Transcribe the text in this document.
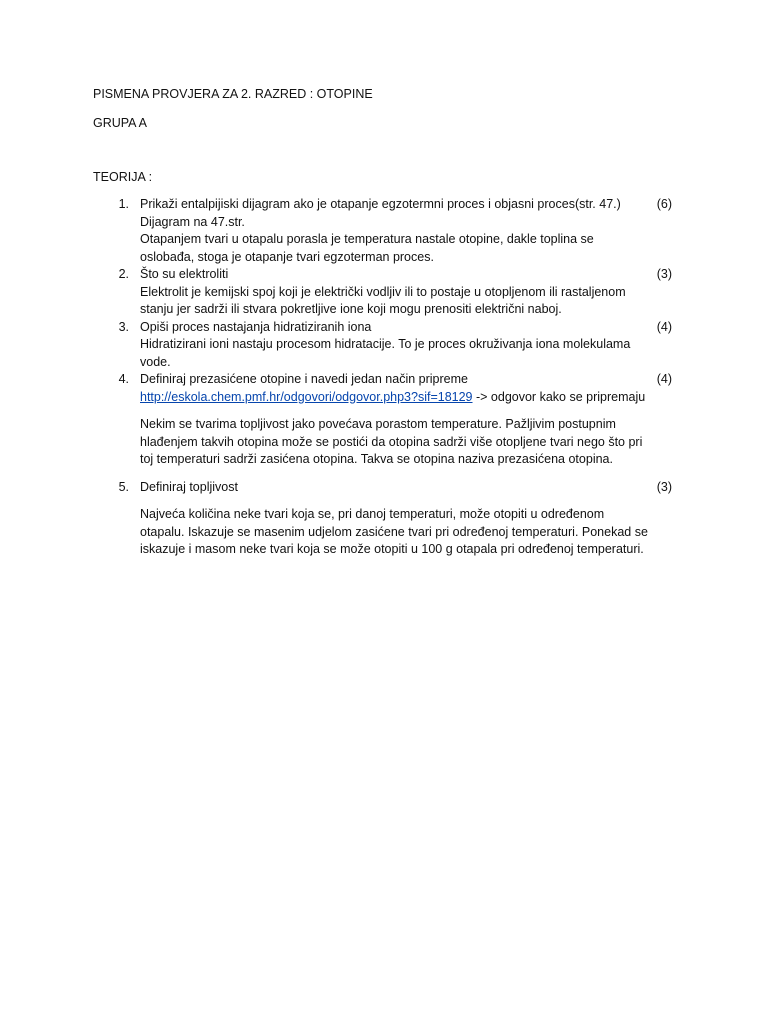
PISMENA PROVJERA ZA 2. RAZRED : OTOPINE
GRUPA A
TEORIJA :
1.	(6)

Prikaži entalpijiski dijagram ako je otapanje egzotermni proces i objasni proces(str. 47.)

Dijagram na 47.str.

Otapanjem tvari u otapalu porasla je temperatura nastale otopine, dakle toplina se oslobađa, stoga je otapanje tvari egzoterman proces.

2.	(3)

Što su elektroliti

Elektrolit je kemijski spoj koji je električki vodljiv ili to postaje u otopljenom ili rastaljenom stanju jer sadrži ili stvara pokretljive ione koji mogu prenositi električni naboj.

3.	(4)

Opiši proces nastajanja hidratiziranih iona

Hidratizirani ioni nastaju procesom hidratacije. To je proces okruživanja iona molekulama vode.

4.	(4)

Definiraj prezasićene otopine i navedi jedan način pripreme

http://eskola.chem.pmf.hr/odgovori/odgovor.php3?sif=18129 -> odgovor kako se pripremaju

Nekim se tvarima topljivost jako povećava porastom temperature. Pažljivim postupnim hlađenjem takvih otopina može se postići da otopina sadrži više otopljene tvari nego što pri toj temperaturi sadrži zasićena otopina. Takva se otopina naziva prezasićena otopina.

5.	(3)

Definiraj topljivost

Najveća količina neke tvari koja se, pri danoj temperaturi, može otopiti u određenom otapalu. Iskazuje se masenim udjelom zasićene tvari pri određenoj temperaturi. Ponekad se iskazuje i masom neke tvari koja se može otopiti u 100 g otapala pri određenoj temperaturi.
